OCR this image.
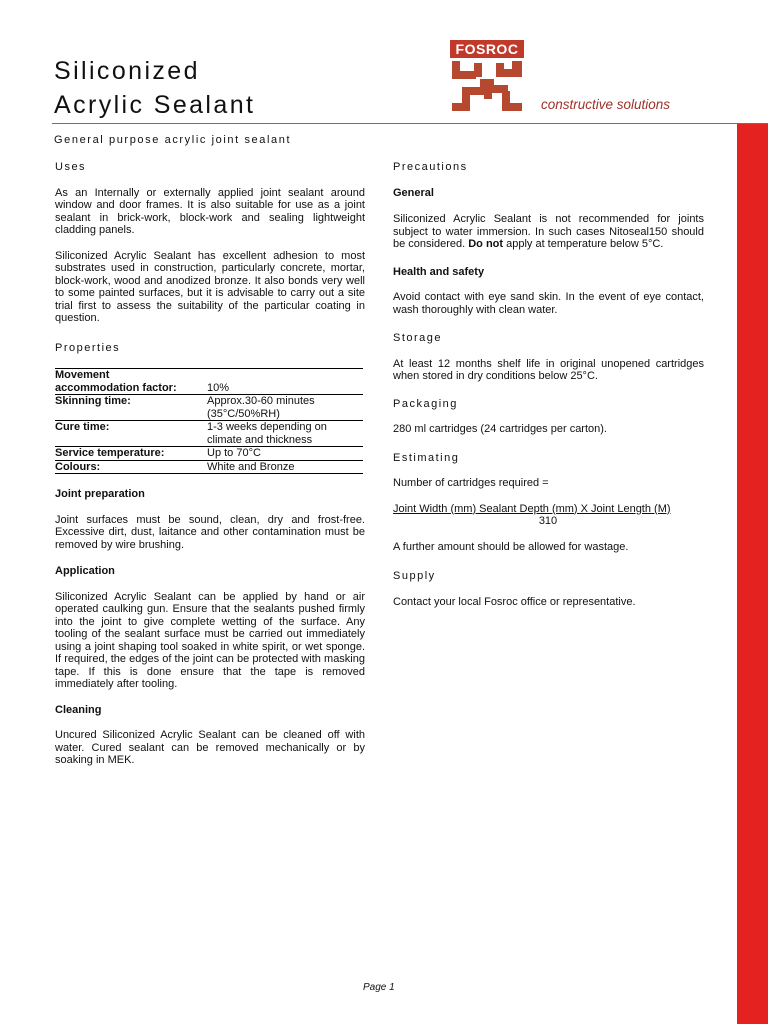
Siliconized
Acrylic Sealant
FOSROC
constructive solutions
General purpose acrylic joint sealant
Uses

As an Internally or externally applied joint sealant around window and door frames. It is also suitable for use as a joint sealant in brick-work, block-work and sealing lightweight cladding panels.

Siliconized Acrylic Sealant has excellent adhesion to most substrates used in construction, particularly concrete, mortar, block-work, wood and anodized bronze. It also bonds very well to some painted surfaces, but it is advisable to carry out a site trial first to assess the suitability of the particular coating in question.

Properties
Movement
accommodation factor:	10%

Skinning time:	Approx.30-60 minutes
(35°C/50%RH)

Cure time:	1-3 weeks depending on
climate and thickness

Service temperature:	Up to 70°C
Colours:	White and Bronze
Joint preparation

Joint surfaces must be sound, clean, dry and frost-free. Excessive dirt, dust, laitance and other contamination must be removed by wire brushing.

Application

Siliconized Acrylic Sealant can be applied by hand or air operated caulking gun. Ensure that the sealants pushed firmly into the joint to give complete wetting of the surface. Any tooling of the sealant surface must be carried out immediately using a joint shaping tool soaked in white spirit, or wet sponge. If required, the edges of the joint can be protected with masking tape. If this is done ensure that the tape is removed immediately after tooling.

Cleaning

Uncured Siliconized Acrylic Sealant can be cleaned off with water. Cured sealant can be removed mechanically or by soaking in MEK.

Precautions
General

Siliconized Acrylic Sealant is not recommended for joints subject to water immersion. In such cases Nitoseal150 should be considered. Do not apply at temperature below 5°C.

Health and safety

Avoid contact with eye sand skin. In the event of eye contact, wash thoroughly with clean water.

Storage

At least 12 months shelf life in original unopened cartridges when stored in dry conditions below 25°C.

Packaging

280 ml cartridges (24 cartridges per carton).

Estimating

Number of cartridges required =

Joint Width (mm) Sealant Depth (mm) X Joint Length (M)

310

A further amount should be allowed for wastage.

Supply

Contact your local Fosroc office or representative.

Page 1
